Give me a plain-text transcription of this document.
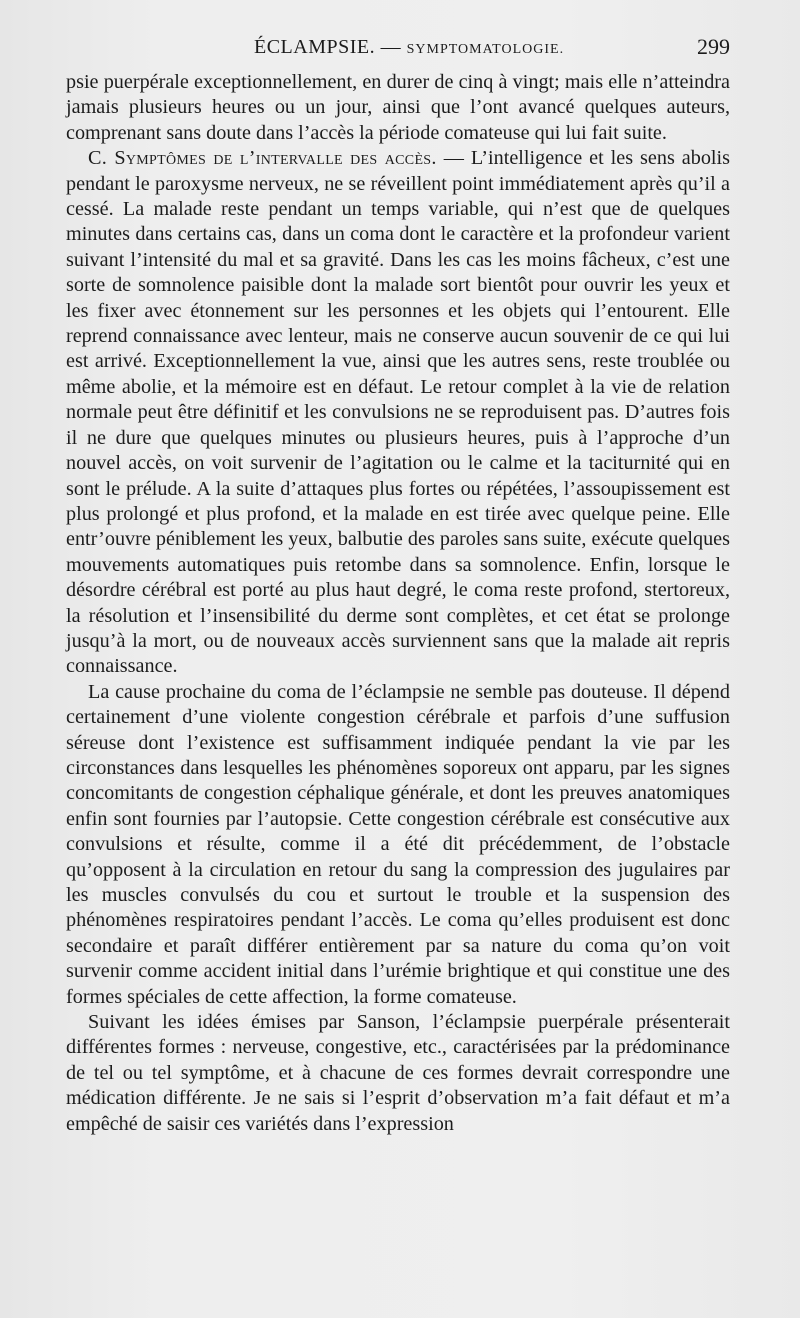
ÉCLAMPSIE. — SYMPTOMATOLOGIE.	299

psie puerpérale exceptionnellement, en durer de cinq à vingt; mais elle n’atteindra jamais plusieurs heures ou un jour, ainsi que l’ont avancé quelques auteurs, comprenant sans doute dans l’accès la période comateuse qui lui fait suite.

C. Symptômes de l’intervalle des accès. — L’intelligence et les sens abolis pendant le paroxysme nerveux, ne se réveillent point immédiatement après qu’il a cessé. La malade reste pendant un temps variable, qui n’est que de quelques minutes dans certains cas, dans un coma dont le caractère et la profondeur varient suivant l’intensité du mal et sa gravité. Dans les cas les moins fâcheux, c’est une sorte de somnolence paisible dont la malade sort bientôt pour ouvrir les yeux et les fixer avec étonnement sur les personnes et les objets qui l’entourent. Elle reprend connaissance avec lenteur, mais ne conserve aucun souvenir de ce qui lui est arrivé. Exceptionnellement la vue, ainsi que les autres sens, reste troublée ou même abolie, et la mémoire est en défaut. Le retour complet à la vie de relation normale peut être définitif et les convulsions ne se reproduisent pas. D’autres fois il ne dure que quelques minutes ou plusieurs heures, puis à l’approche d’un nouvel accès, on voit survenir de l’agitation ou le calme et la taciturnité qui en sont le prélude. A la suite d’attaques plus fortes ou répétées, l’assoupissement est plus prolongé et plus profond, et la malade en est tirée avec quelque peine. Elle entr’ouvre péniblement les yeux, balbutie des paroles sans suite, exécute quelques mouvements automatiques puis retombe dans sa somnolence. Enfin, lorsque le désordre cérébral est porté au plus haut degré, le coma reste profond, stertoreux, la résolution et l’insensibilité du derme sont complètes, et cet état se prolonge jusqu’à la mort, ou de nouveaux accès surviennent sans que la malade ait repris connaissance.

La cause prochaine du coma de l’éclampsie ne semble pas douteuse. Il dépend certainement d’une violente congestion cérébrale et parfois d’une suffusion séreuse dont l’existence est suffisamment indiquée pendant la vie par les circonstances dans lesquelles les phénomènes soporeux ont apparu, par les signes concomitants de congestion céphalique générale, et dont les preuves anatomiques enfin sont fournies par l’autopsie. Cette congestion cérébrale est consécutive aux convulsions et résulte, comme il a été dit précédemment, de l’obstacle qu’opposent à la circulation en retour du sang la compression des jugulaires par les muscles convulsés du cou et surtout le trouble et la suspension des phénomènes respiratoires pendant l’accès. Le coma qu’elles produisent est donc secondaire et paraît différer entièrement par sa nature du coma qu’on voit survenir comme accident initial dans l’urémie brightique et qui constitue une des formes spéciales de cette affection, la forme comateuse.

Suivant les idées émises par Sanson, l’éclampsie puerpérale présenterait différentes formes : nerveuse, congestive, etc., caractérisées par la prédominance de tel ou tel symptôme, et à chacune de ces formes devrait correspondre une médication différente. Je ne sais si l’esprit d’observation m’a fait défaut et m’a empêché de saisir ces variétés dans l’expression
